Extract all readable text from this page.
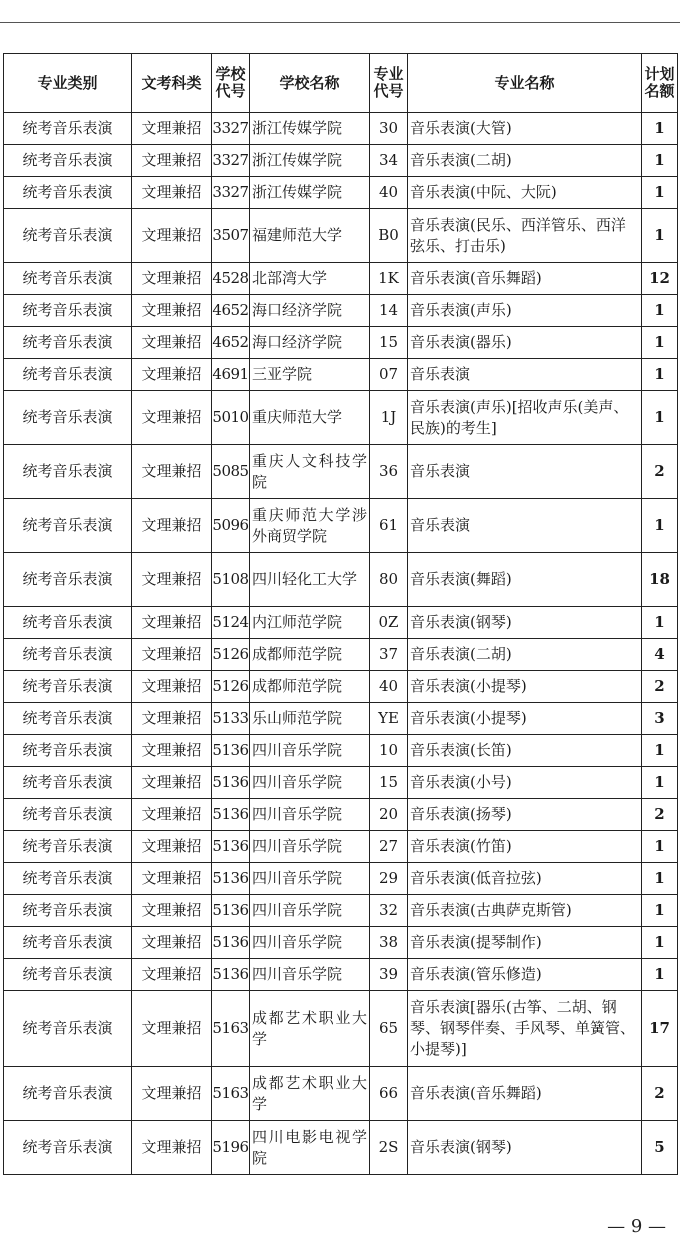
专业类别	文考科类	学校代号	学校名称	专业代号	专业名称	计划名额
统考音乐表演	文理兼招	3327	浙江传媒学院	30	音乐表演(大管)	1
统考音乐表演	文理兼招	3327	浙江传媒学院	34	音乐表演(二胡)	1
统考音乐表演	文理兼招	3327	浙江传媒学院	40	音乐表演(中阮、大阮)	1
统考音乐表演	文理兼招	3507	福建师范大学	B0	音乐表演(民乐、西洋管乐、西洋弦乐、打击乐)	1
统考音乐表演	文理兼招	4528	北部湾大学	1K	音乐表演(音乐舞蹈)	12
统考音乐表演	文理兼招	4652	海口经济学院	14	音乐表演(声乐)	1
统考音乐表演	文理兼招	4652	海口经济学院	15	音乐表演(器乐)	1
统考音乐表演	文理兼招	4691	三亚学院	07	音乐表演	1
统考音乐表演	文理兼招	5010	重庆师范大学	1J	音乐表演(声乐)[招收声乐(美声、民族)的考生]	1
统考音乐表演	文理兼招	5085	重庆人文科技学院	36	音乐表演	2
统考音乐表演	文理兼招	5096	重庆师范大学涉外商贸学院	61	音乐表演	1
统考音乐表演	文理兼招	5108	四川轻化工大学	80	音乐表演(舞蹈)	18
统考音乐表演	文理兼招	5124	内江师范学院	0Z	音乐表演(钢琴)	1
统考音乐表演	文理兼招	5126	成都师范学院	37	音乐表演(二胡)	4
统考音乐表演	文理兼招	5126	成都师范学院	40	音乐表演(小提琴)	2
统考音乐表演	文理兼招	5133	乐山师范学院	YE	音乐表演(小提琴)	3
统考音乐表演	文理兼招	5136	四川音乐学院	10	音乐表演(长笛)	1
统考音乐表演	文理兼招	5136	四川音乐学院	15	音乐表演(小号)	1
统考音乐表演	文理兼招	5136	四川音乐学院	20	音乐表演(扬琴)	2
统考音乐表演	文理兼招	5136	四川音乐学院	27	音乐表演(竹笛)	1
统考音乐表演	文理兼招	5136	四川音乐学院	29	音乐表演(低音拉弦)	1
统考音乐表演	文理兼招	5136	四川音乐学院	32	音乐表演(古典萨克斯管)	1
统考音乐表演	文理兼招	5136	四川音乐学院	38	音乐表演(提琴制作)	1
统考音乐表演	文理兼招	5136	四川音乐学院	39	音乐表演(管乐修造)	1
统考音乐表演	文理兼招	5163	成都艺术职业大学	65	音乐表演[器乐(古筝、二胡、钢琴、钢琴伴奏、手风琴、单簧管、小提琴)]	17
统考音乐表演	文理兼招	5163	成都艺术职业大学	66	音乐表演(音乐舞蹈)	2
统考音乐表演	文理兼招	5196	四川电影电视学院	2S	音乐表演(钢琴)	5
— 9 —
